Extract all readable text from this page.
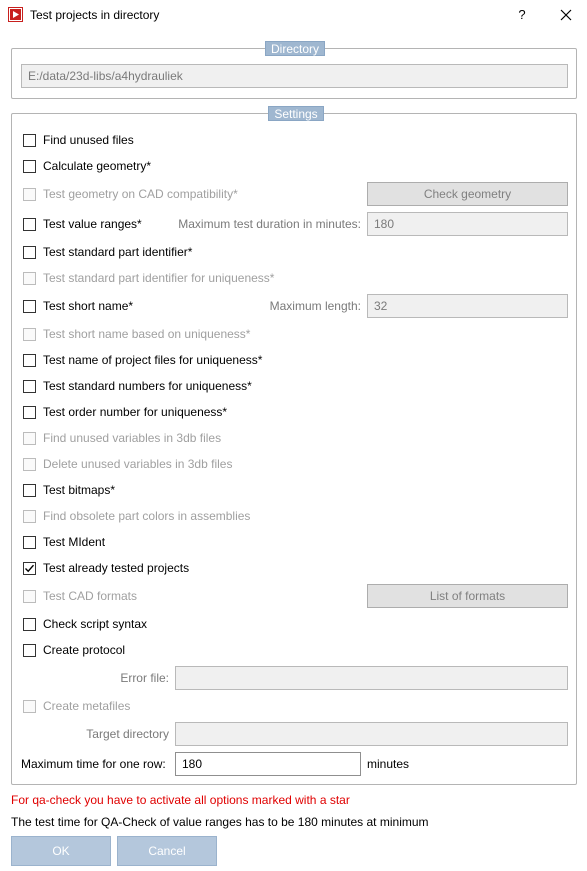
Test projects in directory	?
Directory
E:/data/23d-libs/a4hydrauliek
Settings
Find unused files
Calculate geometry*
Test geometry on CAD compatibility*	Check geometry
Test value ranges*	Maximum test duration in minutes:	180
Test standard part identifier*
Test standard part identifier for uniqueness*
Test short name*	Maximum length:	32
Test short name based on uniqueness*
Test name of project files for uniqueness*
Test standard numbers for uniqueness*
Test order number for uniqueness*
Find unused variables in 3db files
Delete unused variables in 3db files
Test bitmaps*
Find obsolete part colors in assemblies
Test MIdent
Test already tested projects
Test CAD formats	List of formats
Check script syntax
Create protocol
Error file:
Create metafiles
Target directory
Maximum time for one row:	180	minutes
For qa-check you have to activate all options marked with a star
The test time for QA-Check of value ranges has to be 180 minutes at minimum
OK	Cancel
